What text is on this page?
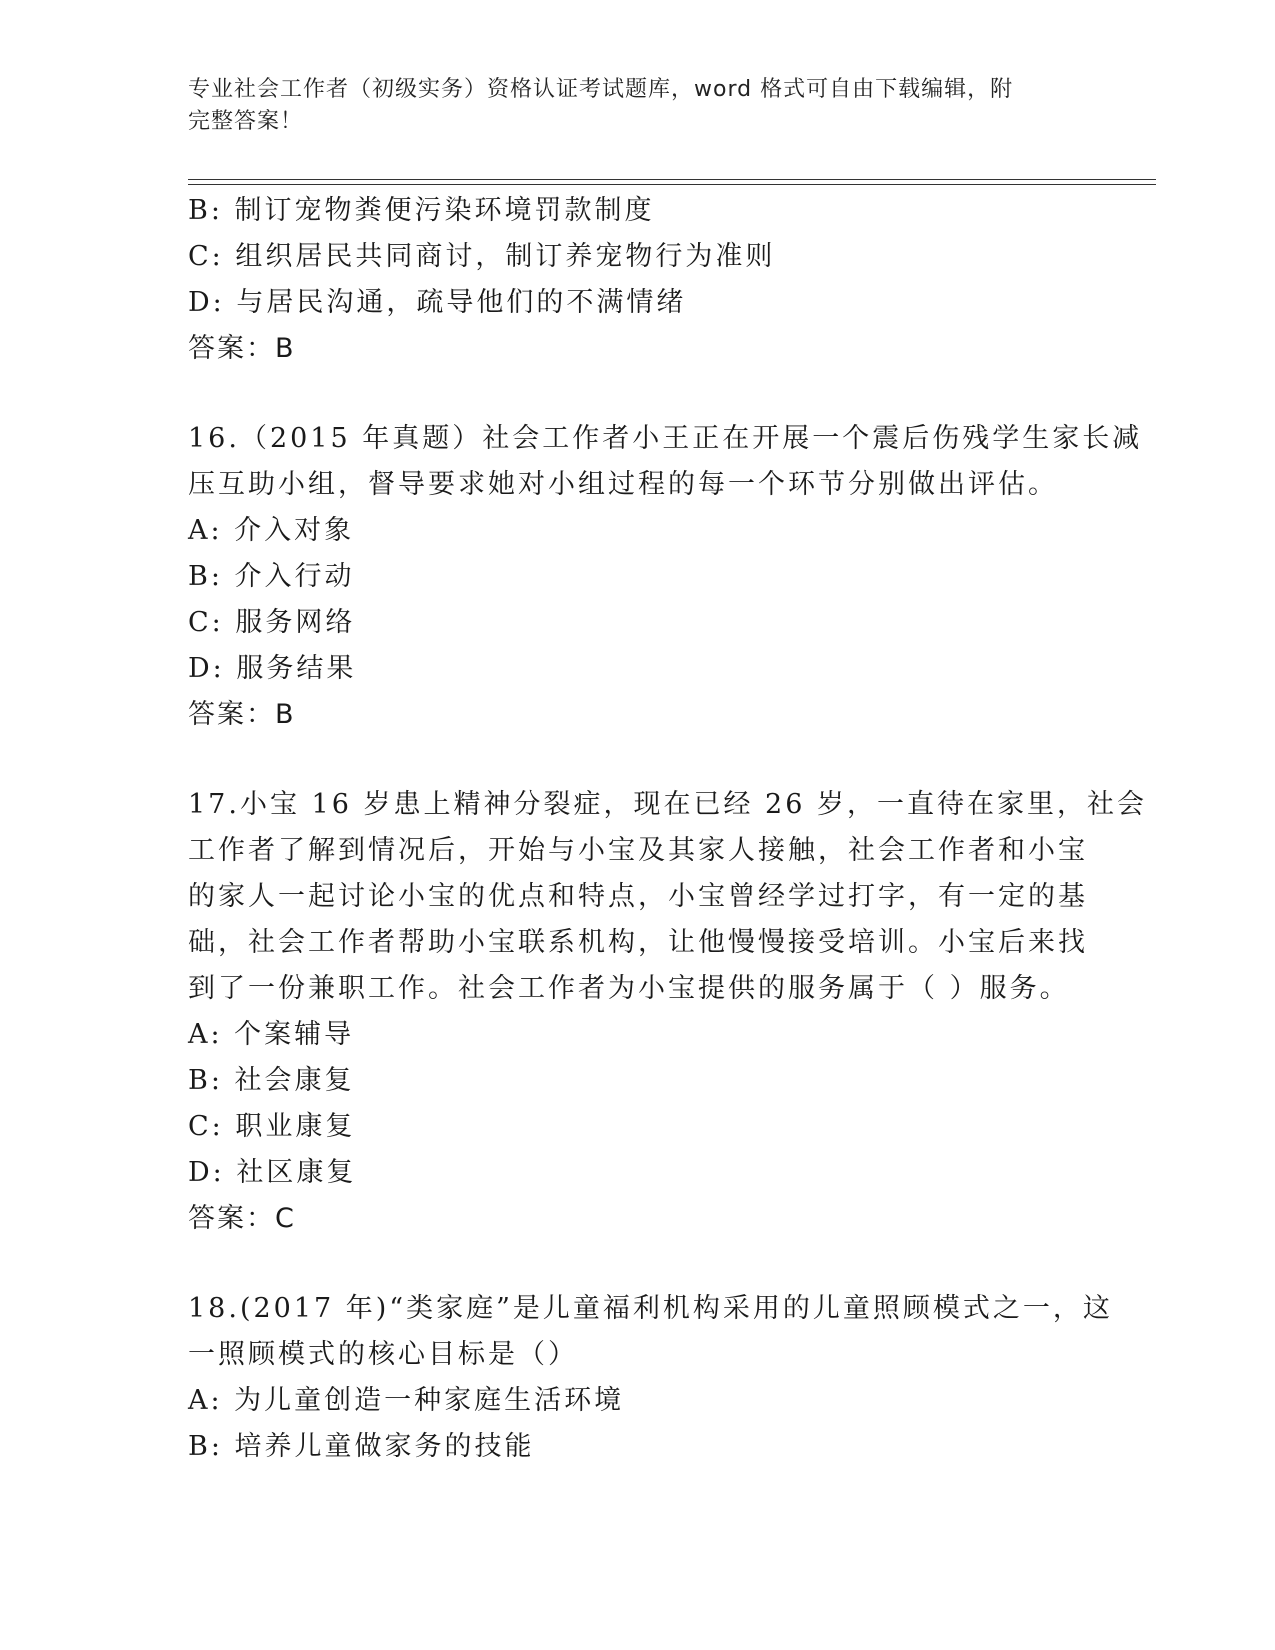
专业社会工作者（初级实务）资格认证考试题库，word 格式可自由下载编辑，附
完整答案！
B: 制订宠物粪便污染环境罚款制度
C: 组织居民共同商讨，制订养宠物行为准则
D: 与居民沟通，疏导他们的不满情绪
答案：B
16.（2015 年真题）社会工作者小王正在开展一个震后伤残学生家长减
压互助小组，督导要求她对小组过程的每一个环节分别做出评估。
A: 介入对象
B: 介入行动
C: 服务网络
D: 服务结果
答案：B
17.小宝 16 岁患上精神分裂症，现在已经 26 岁，一直待在家里，社会
工作者了解到情况后，开始与小宝及其家人接触，社会工作者和小宝
的家人一起讨论小宝的优点和特点，小宝曾经学过打字，有一定的基
础，社会工作者帮助小宝联系机构，让他慢慢接受培训。小宝后来找
到了一份兼职工作。社会工作者为小宝提供的服务属于（ ）服务。
A: 个案辅导
B: 社会康复
C: 职业康复
D: 社区康复
答案：C
18.(2017 年)“类家庭”是儿童福利机构采用的儿童照顾模式之一，这
一照顾模式的核心目标是（）
A: 为儿童创造一种家庭生活环境
B: 培养儿童做家务的技能
